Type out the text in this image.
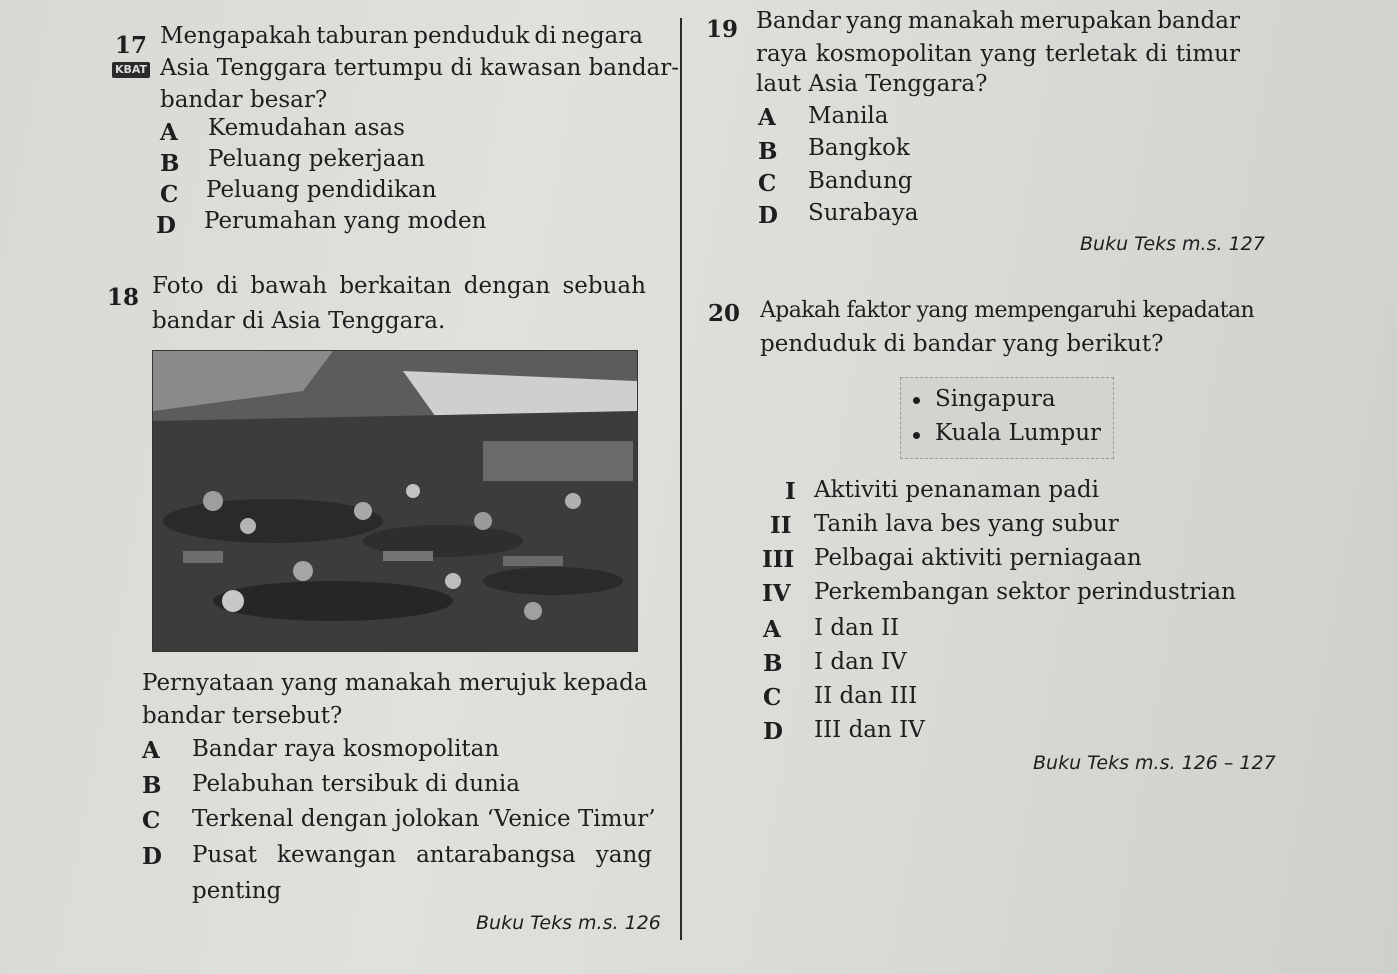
17 Mengapakah taburan penduduk di negara
KBAT Asia Tenggara tertumpu di kawasan bandar-
bandar besar?
A Kemudahan asas
B Peluang pekerjaan
C Peluang pendidikan
D Perumahan yang moden
18 Foto di bawah berkaitan dengan sebuah
bandar di Asia Tenggara.
Pernyataan yang manakah merujuk kepada
bandar tersebut?
A Bandar raya kosmopolitan
B Pelabuhan tersibuk di dunia
C Terkenal dengan jolokan ‘Venice Timur’
D Pusat kewangan antarabangsa yang
penting
Buku Teks m.s. 126
19 Bandar yang manakah merupakan bandar
raya kosmopolitan yang terletak di timur
laut Asia Tenggara?
A Manila
B Bangkok
C Bandung
D Surabaya
Buku Teks m.s. 127
20 Apakah faktor yang mempengaruhi kepadatan
penduduk di bandar yang berikut?
Singapura
Kuala Lumpur
I Aktiviti penanaman padi
II Tanih lava bes yang subur
III Pelbagai aktiviti perniagaan
IV Perkembangan sektor perindustrian
A I dan II
B I dan IV
C II dan III
D III dan IV
Buku Teks m.s. 126 – 127
